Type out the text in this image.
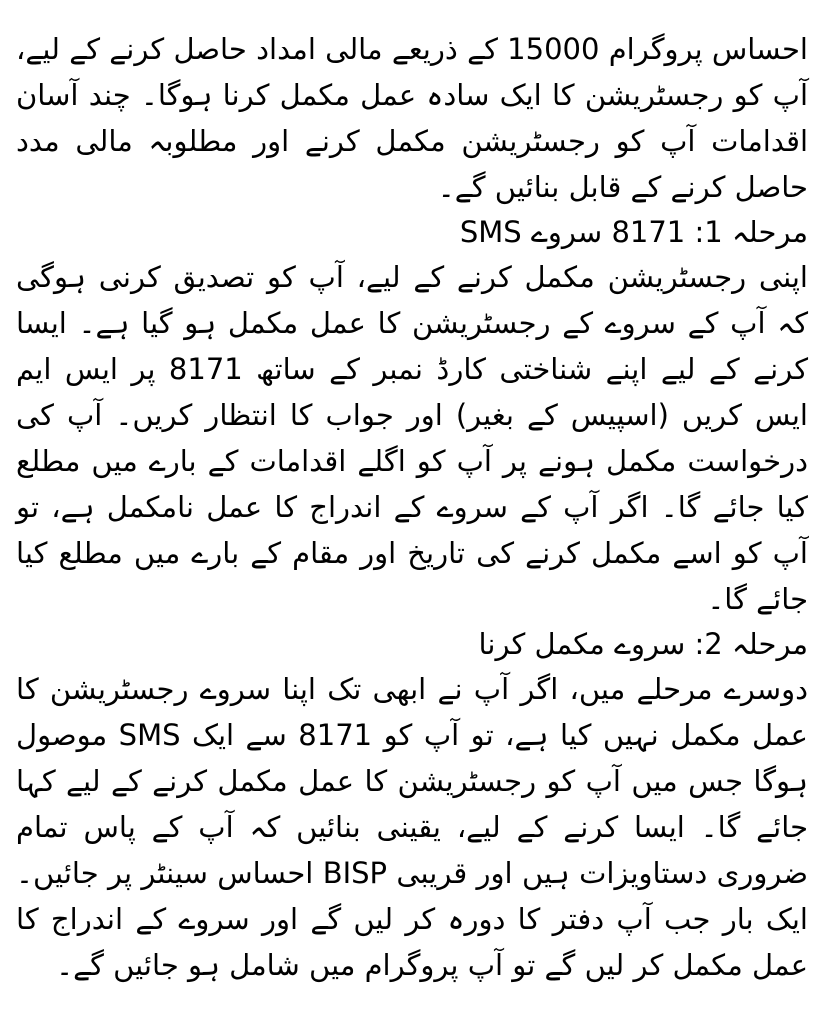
احساس پروگرام 15000 کے ذریعے مالی امداد حاصل کرنے کے لیے، آپ کو رجسٹریشن کا ایک سادہ عمل مکمل کرنا ہوگا۔ چند آسان اقدامات آپ کو رجسٹریشن مکمل کرنے اور مطلوبہ مالی مدد حاصل کرنے کے قابل بنائیں گے۔

مرحلہ 1: 8171 سروے SMS

اپنی رجسٹریشن مکمل کرنے کے لیے، آپ کو تصدیق کرنی ہوگی کہ آپ کے سروے کے رجسٹریشن کا عمل مکمل ہو گیا ہے۔ ایسا کرنے کے لیے اپنے شناختی کارڈ نمبر کے ساتھ 8171 پر ایس ایم ایس کریں (اسپیس کے بغیر) اور جواب کا انتظار کریں۔ آپ کی درخواست مکمل ہونے پر آپ کو اگلے اقدامات کے بارے میں مطلع کیا جائے گا۔ اگر آپ کے سروے کے اندراج کا عمل نامکمل ہے، تو آپ کو اسے مکمل کرنے کی تاریخ اور مقام کے بارے میں مطلع کیا جائے گا۔

مرحلہ 2: سروے مکمل کرنا

دوسرے مرحلے میں، اگر آپ نے ابھی تک اپنا سروے رجسٹریشن کا عمل مکمل نہیں کیا ہے، تو آپ کو 8171 سے ایک SMS موصول ہوگا جس میں آپ کو رجسٹریشن کا عمل مکمل کرنے کے لیے کہا جائے گا۔ ایسا کرنے کے لیے، یقینی بنائیں کہ آپ کے پاس تمام ضروری دستاویزات ہیں اور قریبی BISP احساس سینٹر پر جائیں۔ ایک بار جب آپ دفتر کا دورہ کر لیں گے اور سروے کے اندراج کا عمل مکمل کر لیں گے تو آپ پروگرام میں شامل ہو جائیں گے۔
